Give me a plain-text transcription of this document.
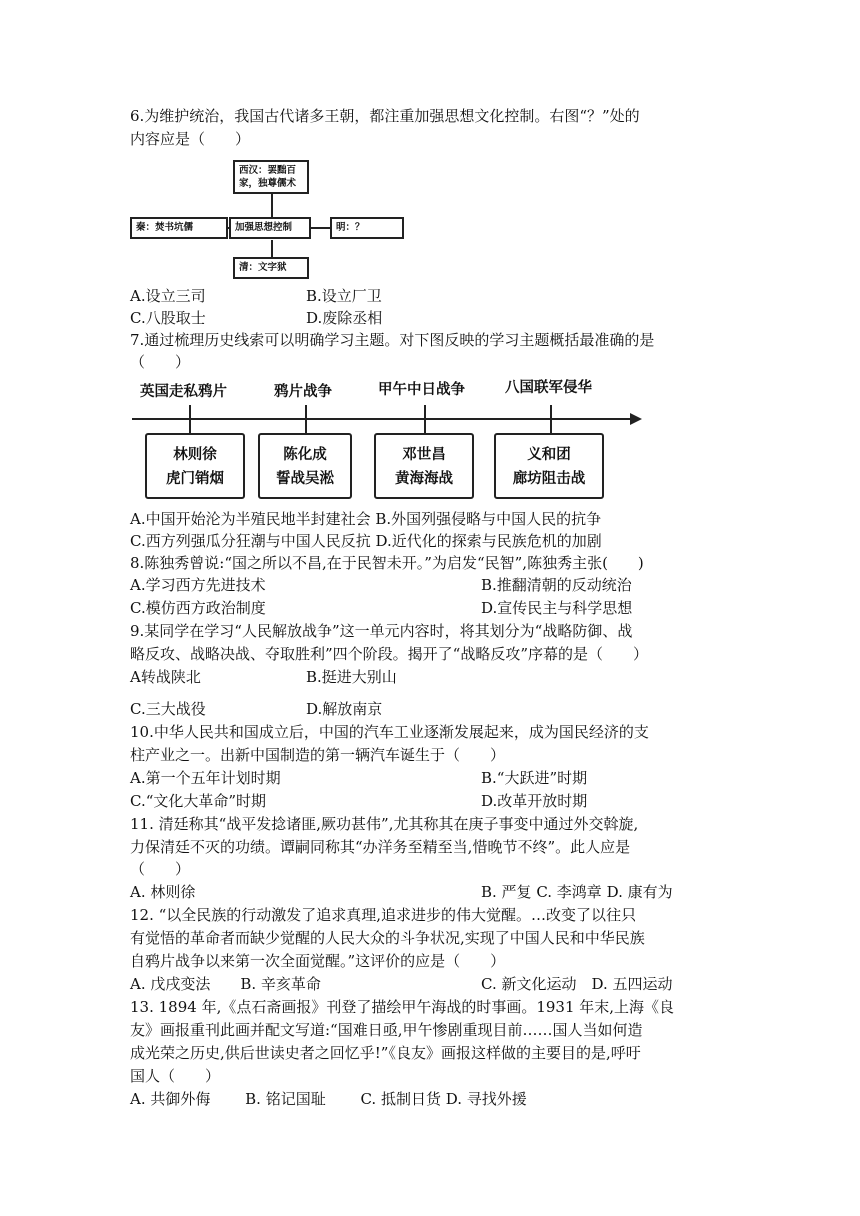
6.为维护统治，我国古代诸多王朝，都注重加强思想文化控制。右图“？”处的
内容应是（　　）
西汉：罢黜百家，独尊儒术
秦：焚书坑儒	加强思想控制	明：？
清：文字狱
A.设立三司	B.设立厂卫
C.八股取士	D.废除丞相
7.通过梳理历史线索可以明确学习主题。对下图反映的学习主题概括最准确的是
（　　）
英国走私鸦片	鸦片战争	甲午中日战争	八国联军侵华
林则徐
虎门销烟
陈化成
誓战吴淞
邓世昌
黄海海战
义和团
廊坊阻击战
A.中国开始沦为半殖民地半封建社会 B.外国列强侵略与中国人民的抗争
C.西方列强瓜分狂潮与中国人民反抗 D.近代化的探索与民族危机的加剧
8.陈独秀曾说:“国之所以不昌,在于民智未开。”为启发“民智”,陈独秀主张(　　)
A.学习西方先进技术	B.推翻清朝的反动统治
C.模仿西方政治制度	D.宣传民主与科学思想
9.某同学在学习“人民解放战争”这一单元内容时，将其划分为“战略防御、战
略反攻、战略决战、夺取胜利”四个阶段。揭开了“战略反攻”序幕的是（　　）
A转战陕北	B.挺进大别山
C.三大战役	D.解放南京
10.中华人民共和国成立后，中国的汽车工业逐渐发展起来，成为国民经济的支
柱产业之一。出新中国制造的第一辆汽车诞生于（　　）
A.第一个五年计划时期	B.“大跃进”时期
C.“文化大革命”时期	D.改革开放时期
11. 清廷称其“战平发捻诸匪,厥功甚伟”,尤其称其在庚子事变中通过外交斡旋,
力保清廷不灭的功绩。谭嗣同称其“办洋务至精至当,惜晚节不终”。此人应是
（　　）
A. 林则徐	B. 严复 C. 李鸿章 D. 康有为
12. “以全民族的行动激发了追求真理,追求进步的伟大觉醒。…改变了以往只
有觉悟的革命者而缺少觉醒的人民大众的斗争状况,实现了中国人民和中华民族
自鸦片战争以来第一次全面觉醒。”这评价的应是（　　）
A. 戊戌变法　　B. 辛亥革命	C. 新文化运动　D. 五四运动
13. 1894 年,《点石斋画报》刊登了描绘甲午海战的时事画。1931 年末,上海《良
友》画报重刊此画并配文写道:“国难日亟,甲午惨剧重现目前……国人当如何造
成光荣之历史,供后世读史者之回忆乎!”《良友》画报这样做的主要目的是,呼吁
国人（　　）
A. 共御外侮　　 B. 铭记国耻　　 C. 抵制日货 D. 寻找外援
